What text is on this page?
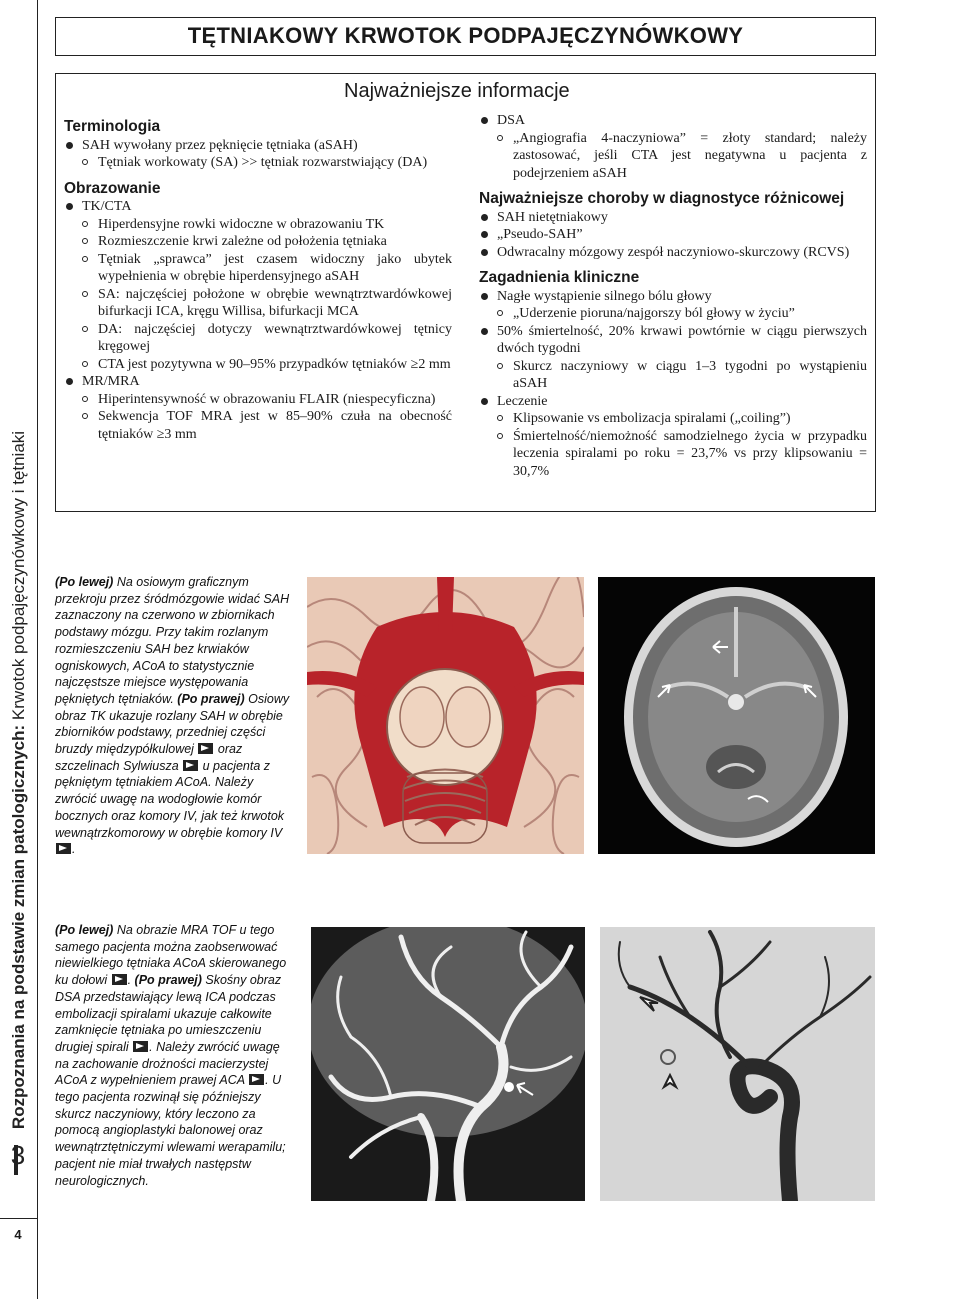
Rozpoznania na podstawie zmian patologicznych: Krwotok podpajęczynówkowy i tętniaki
3
4
TĘTNIAKOWY KRWOTOK PODPAJĘCZYNÓWKOWY
Najważniejsze informacje
Terminologia
SAH wywołany przez pęknięcie tętniaka (aSAH)
Tętniak workowaty (SA) >> tętniak rozwarstwiający (DA)
Obrazowanie
TK/CTA
Hiperdensyjne rowki widoczne w obrazowaniu TK
Rozmieszczenie krwi zależne od położenia tętniaka
Tętniak „sprawca” jest czasem widoczny jako ubytek wypełnienia w obrębie hiperdensyjnego aSAH
SA: najczęściej położone w obrębie wewnątrztwardówkowej bifurkacji ICA, kręgu Willisa, bifurkacji MCA
DA: najczęściej dotyczy wewnątrztwardówkowej tętnicy kręgowej
CTA jest pozytywna w 90–95% przypadków tętniaków ≥2 mm
MR/MRA
Hiperintensywność w obrazowaniu FLAIR (niespecyficzna)
Sekwencja TOF MRA jest w 85–90% czuła na obecność tętniaków ≥3 mm
DSA
„Angiografia 4-naczyniowa” = złoty standard; należy zastosować, jeśli CTA jest negatywna u pacjenta z podejrzeniem aSAH
Najważniejsze choroby w diagnostyce różnicowej
SAH nietętniakowy
„Pseudo-SAH”
Odwracalny mózgowy zespół naczyniowo-skurczowy (RCVS)
Zagadnienia kliniczne
Nagłe wystąpienie silnego bólu głowy
„Uderzenie pioruna/najgorszy ból głowy w życiu”
50% śmiertelność, 20% krwawi powtórnie w ciągu pierwszych dwóch tygodni
Skurcz naczyniowy w ciągu 1–3 tygodni po wystąpieniu aSAH
Leczenie
Klipsowanie vs embolizacja spiralami („coiling”)
Śmiertelność/niemożność samodzielnego życia w przypadku leczenia spiralami po roku = 23,7% vs przy klipsowaniu = 30,7%
(Po lewej) Na osiowym graficznym przekroju przez śródmózgowie widać SAH zaznaczony na czerwono w zbiornikach podstawy mózgu. Przy takim rozlanym rozmieszczeniu SAH bez krwiaków ogniskowych, ACoA to statystycznie najczęstsze miejsce występowania pękniętych tętniaków. (Po prawej) Osiowy obraz TK ukazuje rozlany SAH w obrębie zbiorników podstawy, przedniej części bruzdy międzypółkulowej  oraz szczelinach Sylwiusza  u pacjenta z pękniętym tętniakiem ACoA. Należy zwrócić uwagę na wodogłowie komór bocznych oraz komory IV, jak też krwotok wewnątrzkomorowy w obrębie komory IV .
(Po lewej) Na obrazie MRA TOF u tego samego pacjenta można zaobserwować niewielkiego tętniaka ACoA skierowanego ku dołowi . (Po prawej) Skośny obraz DSA przedstawiający lewą ICA podczas embolizacji spiralami ukazuje całkowite zamknięcie tętniaka po umieszczeniu drugiej spirali . Należy zwrócić uwagę na zachowanie drożności macierzystej ACoA z wypełnieniem prawej ACA . U tego pacjenta rozwinął się późniejszy skurcz naczyniowy, który leczono za pomocą angioplastyki balonowej oraz wewnątrztętniczymi wlewami werapamilu; pacjent nie miał trwałych następstw neurologicznych.
